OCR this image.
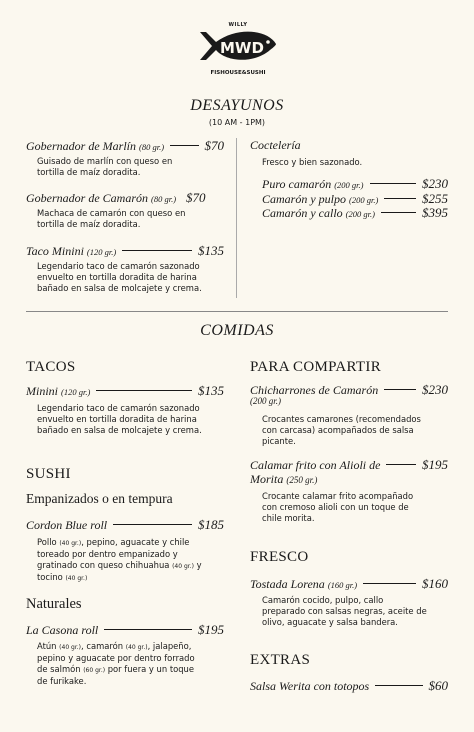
WILLY
MWD
FISHOUSE&SUSHI
DESAYUNOS
(10 AM - 1PM)
Gobernador de Marlín (80 gr.)	$70
Guisado de marlín con queso en
tortilla de maíz doradita.
Gobernador de Camarón (80 gr.) $70
Machaca de camarón con queso en
tortilla de maíz doradita.
Taco Minini (120 gr.)	$135
Legendario taco de camarón sazonado
envuelto en tortilla doradita de harina
bañado en salsa de molcajete y crema.
Coctelería
Fresco y bien sazonado.
Puro camarón (200 gr.)	$230
Camarón y pulpo (200 gr.)	$255
Camarón y callo (200 gr.)	$395
COMIDAS
TACOS
Minini (120 gr.)	$135
Legendario taco de camarón sazonado
envuelto en tortilla doradita de harina
bañado en salsa de molcajete y crema.
SUSHI
Empanizados o en tempura
Cordon Blue roll	$185
Pollo (40 gr.), pepino, aguacate y chile
toreado por dentro empanizado y
gratinado con queso chihuahua (40 gr.) y
tocino (40 gr.)
Naturales
La Casona roll	$195
Atún (40 gr.), camarón (40 gr.), jalapeño,
pepino y aguacate por dentro forrado
de salmón (60 gr.) por fuera y un toque
de furikake.
PARA COMPARTIR
Chicharrones de Camarón	$230
(200 gr.)
Crocantes camarones (recomendados
con carcasa) acompañados de salsa
picante.
Calamar frito con Alioli de	$195
Morita (250 gr.)
Crocante calamar frito acompañado
con cremoso alioli con un toque de
chile morita.
FRESCO
Tostada Lorena (160 gr.)	$160
Camarón cocido, pulpo, callo
preparado con salsas negras, aceite de
olivo, aguacate y salsa bandera.
EXTRAS
Salsa Werita con totopos	$60
